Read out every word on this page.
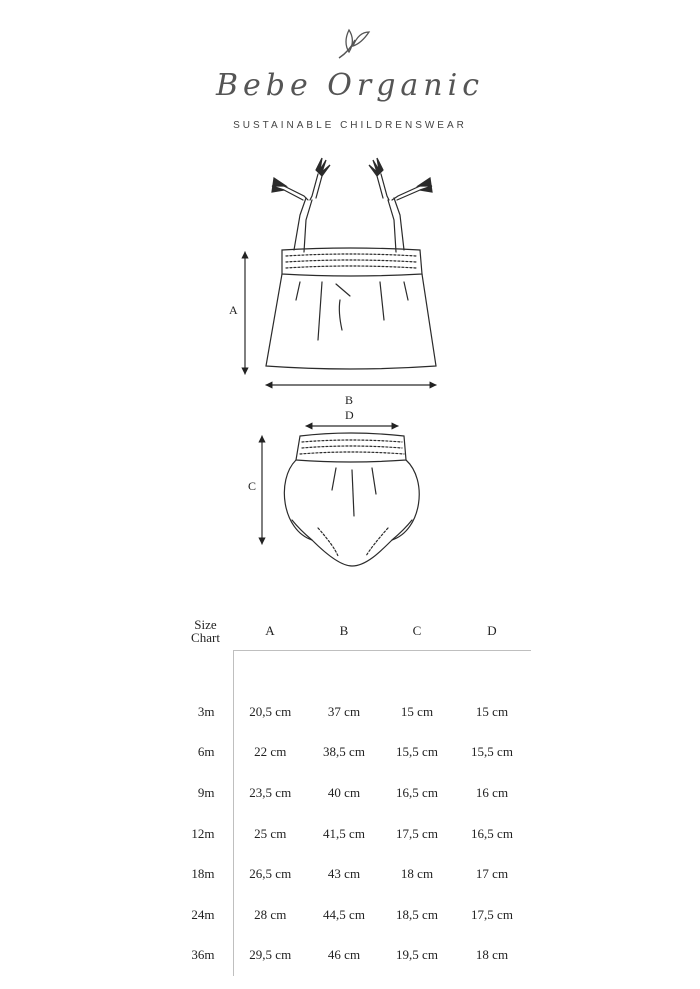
Bebe Organic
SUSTAINABLE CHILDRENSWEAR
A
B
C
D
Size
Chart	A	B	C	D

3m	20,5 cm	37 cm	15 cm	15 cm
6m	22 cm	38,5 cm	15,5 cm	15,5 cm
9m	23,5 cm	40 cm	16,5 cm	16 cm
12m	25 cm	41,5 cm	17,5 cm	16,5 cm
18m	26,5 cm	43 cm	18 cm	17 cm
24m	28 cm	44,5 cm	18,5 cm	17,5 cm
36m	29,5 cm	46 cm	19,5 cm	18 cm
